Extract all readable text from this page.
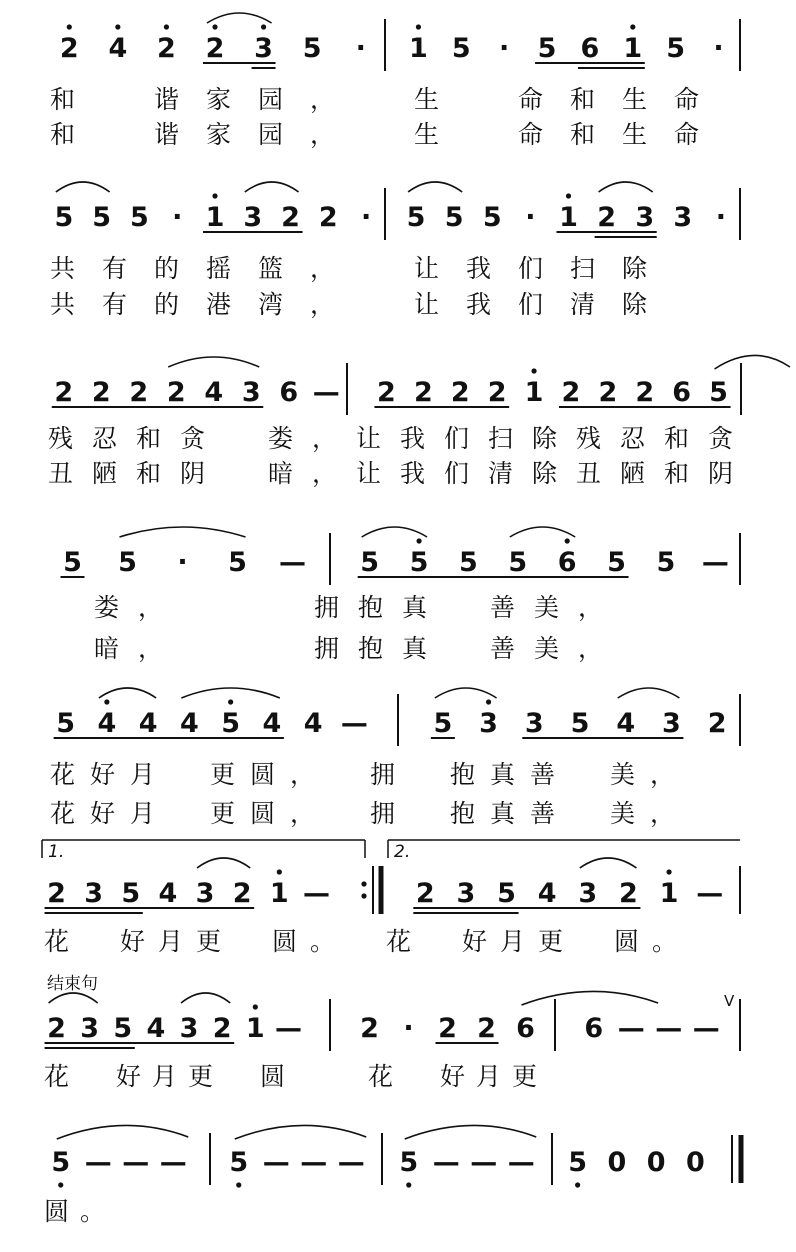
2 4 2 2 3 5 · 1 5 · 5 6 1 5 ·
和	谐 家 园 ，	生	命 和 生 命
和	谐 家 园 ，	生	命 和 生 命
5 5 5 · 1 3 2 2 · 5 5 5 · 1 2 3 3 ·
共 有 的 摇 篮 ，	让 我 们 扫 除
共 有 的 港 湾 ，	让 我 们 清 除
2 2 2 2 4 3 6 — 2 2 2 2 1 2 2 2 6 5
残 忍 和 贪	娄 ， 让 我 们 扫 除 残 忍 和 贪
丑 陋 和 阴	暗 ， 让 我 们 清 除 丑 陋 和 阴
5 5 · 5 — 5 5 5 5 6 5 5 —
娄 ，	拥 抱 真	善 美 ，
暗 ，	拥 抱 真	善 美 ，
5 4 4 4 5 4 4 — 5 3 3 5 4 3 2
花 好 月 更 圆 ， 拥 抱 真 善 美 ，
花 好 月 更 圆 ， 拥 抱 真 善 美 ，
2 3 5 4 3 2 1 —	2 3 5 4 3 2 1 —
1.	2.
花 好 月 更 圆 。 花 好 月 更 圆 。
2 3 5 4 3 2 1 — 2 · 2 2 6 6 — — —
花 好 月 更 圆	花 好 月 更
5 — — — 5 — — — 5 — — — 5 0 0 0
圆 。
结束句
V
